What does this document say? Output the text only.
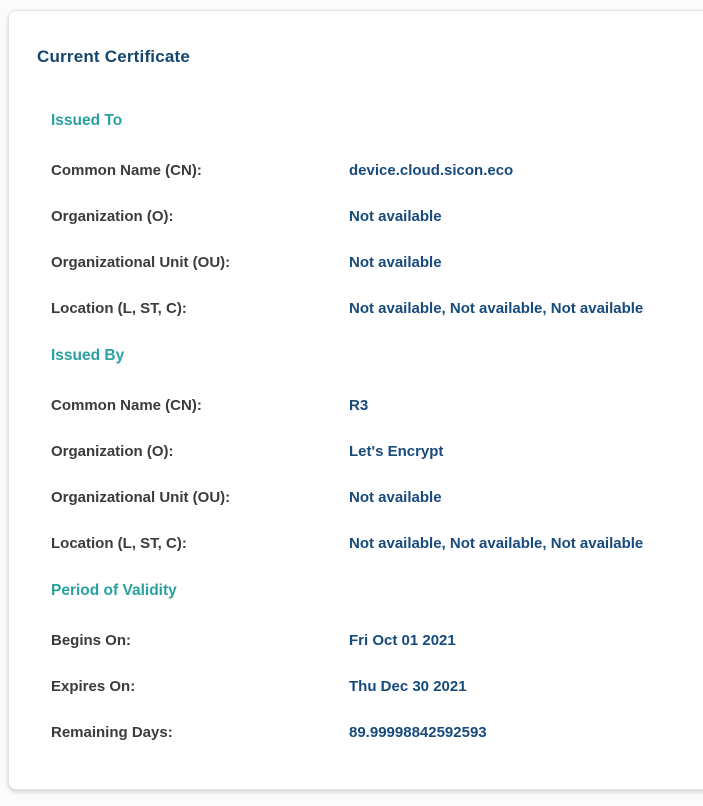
Current Certificate
Issued To
Common Name (CN):	device.cloud.sicon.eco
Organization (O):	Not available
Organizational Unit (OU):	Not available
Location (L, ST, C):	Not available, Not available, Not available
Issued By
Common Name (CN):	R3
Organization (O):	Let's Encrypt
Organizational Unit (OU):	Not available
Location (L, ST, C):	Not available, Not available, Not available
Period of Validity
Begins On:	Fri Oct 01 2021
Expires On:	Thu Dec 30 2021
Remaining Days:	89.99998842592593
